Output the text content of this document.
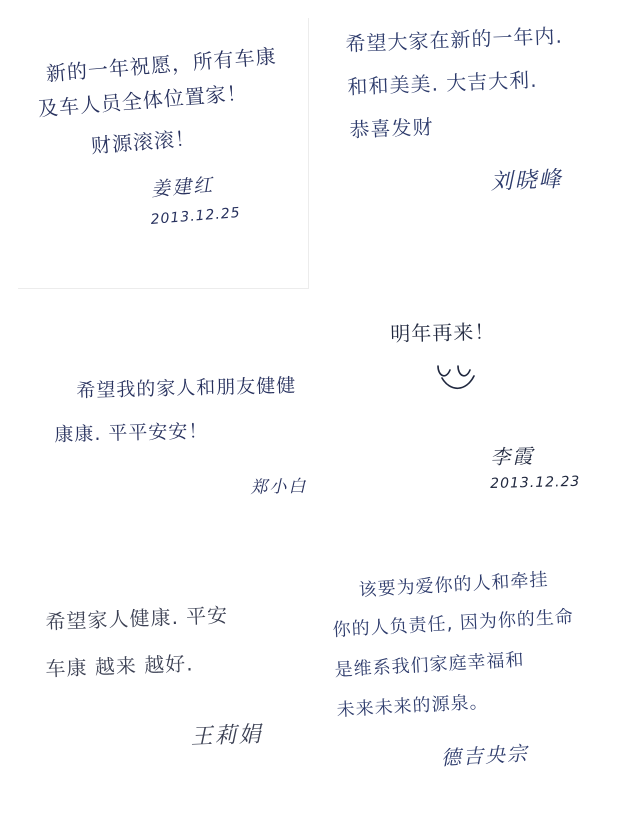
新的一年祝愿，所有车康
及车人员全体位置家！
财源滚滚！
姜建红
2013.12.25
希望大家在新的一年内.
和和美美. 大吉大利.
恭喜发财
刘晓峰
希望我的家人和朋友健健
康康. 平平安安！
郑小白
明年再来！
李霞
2013.12.23
希望家人健康. 平安
车康 越来 越好.
王莉娟
该要为爱你的人和牵挂
你的人负责任, 因为你的生命
是维系我们家庭幸福和
未来未来的源泉。
德吉央宗
